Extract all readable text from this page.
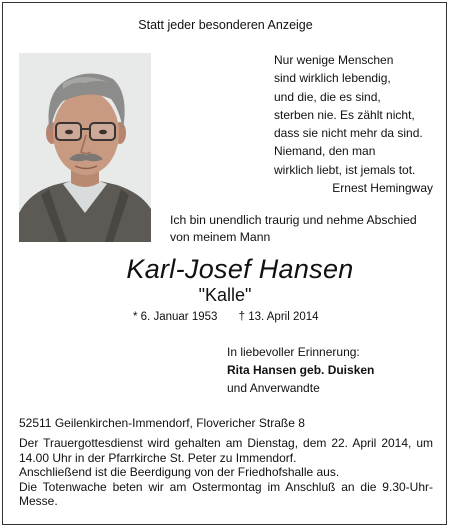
Statt jeder besonderen Anzeige
Nur wenige Menschen
sind wirklich lebendig,
und die, die es sind,
sterben nie. Es zählt nicht,
dass sie nicht mehr da sind.
Niemand, den man
wirklich liebt, ist jemals tot.
Ernest Hemingway
Ich bin unendlich traurig und nehme Abschied
von meinem Mann
Karl-Josef Hansen
"Kalle"
* 6. Januar 1953 † 13. April 2014
In liebevoller Erinnerung:
Rita Hansen geb. Duisken
und Anverwandte
52511 Geilenkirchen-Immendorf, Flovericher Straße 8

Der Trauergottesdienst wird gehalten am Dienstag, dem 22. April 2014, um 14.00 Uhr in der Pfarrkirche St. Peter zu Immendorf.

Anschließend ist die Beerdigung von der Friedhofshalle aus.

Die Totenwache beten wir am Ostermontag im Anschluß an die 9.30-Uhr-Messe.
